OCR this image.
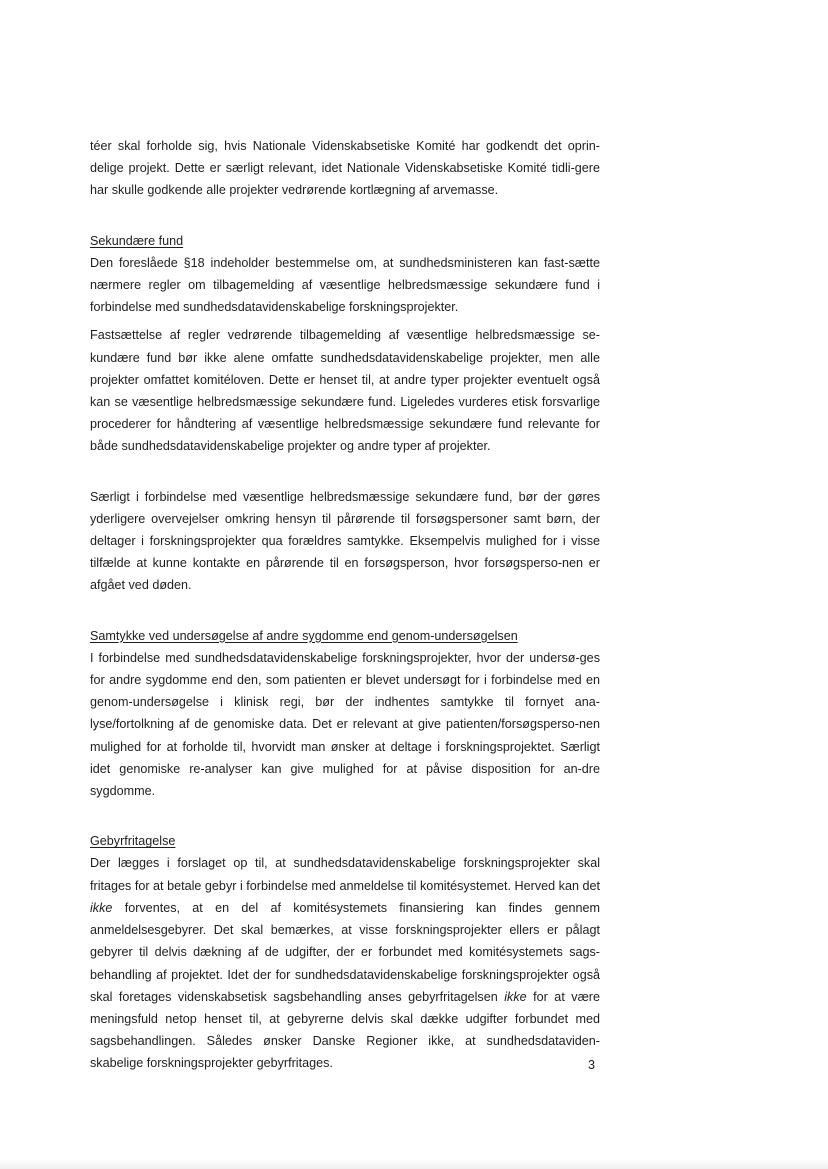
téer skal forholde sig, hvis Nationale Videnskabsetiske Komité har godkendt det oprin-delige projekt. Dette er særligt relevant, idet Nationale Videnskabsetiske Komité tidli-gere har skulle godkende alle projekter vedrørende kortlægning af arvemasse.

Sekundære fund

Den foreslåede §18 indeholder bestemmelse om, at sundhedsministeren kan fast-sætte nærmere regler om tilbagemelding af væsentlige helbredsmæssige sekundære fund i forbindelse med sundhedsdatavidenskabelige forskningsprojekter.

Fastsættelse af regler vedrørende tilbagemelding af væsentlige helbredsmæssige se-kundære fund bør ikke alene omfatte sundhedsdatavidenskabelige projekter, men alle projekter omfattet komitéloven. Dette er henset til, at andre typer projekter eventuelt også kan se væsentlige helbredsmæssige sekundære fund. Ligeledes vurderes etisk forsvarlige procederer for håndtering af væsentlige helbredsmæssige sekundære fund relevante for både sundhedsdatavidenskabelige projekter og andre typer af projekter.

Særligt i forbindelse med væsentlige helbredsmæssige sekundære fund, bør der gøres yderligere overvejelser omkring hensyn til pårørende til forsøgspersoner samt børn, der deltager i forskningsprojekter qua forældres samtykke. Eksempelvis mulighed for i visse tilfælde at kunne kontakte en pårørende til en forsøgsperson, hvor forsøgsperso-nen er afgået ved døden.

Samtykke ved undersøgelse af andre sygdomme end genom-undersøgelsen

I forbindelse med sundhedsdatavidenskabelige forskningsprojekter, hvor der undersø-ges for andre sygdomme end den, som patienten er blevet undersøgt for i forbindelse med en genom-undersøgelse i klinisk regi, bør der indhentes samtykke til fornyet ana-lyse/fortolkning af de genomiske data. Det er relevant at give patienten/forsøgsperso-nen mulighed for at forholde til, hvorvidt man ønsker at deltage i forskningsprojektet. Særligt idet genomiske re-analyser kan give mulighed for at påvise disposition for an-dre sygdomme.

Gebyrfritagelse

Der lægges i forslaget op til, at sundhedsdatavidenskabelige forskningsprojekter skal fritages for at betale gebyr i forbindelse med anmeldelse til komitésystemet. Herved kan det ikke forventes, at en del af komitésystemets finansiering kan findes gennem anmeldelsesgebyrer. Det skal bemærkes, at visse forskningsprojekter ellers er pålagt gebyrer til delvis dækning af de udgifter, der er forbundet med komitésystemets sags-behandling af projektet. Idet der for sundhedsdatavidenskabelige forskningsprojekter også skal foretages videnskabsetisk sagsbehandling anses gebyrfritagelsen ikke for at være meningsfuld netop henset til, at gebyrerne delvis skal dække udgifter forbundet med sagsbehandlingen. Således ønsker Danske Regioner ikke, at sundhedsdataviden-skabelige forskningsprojekter gebyrfritages.	3
